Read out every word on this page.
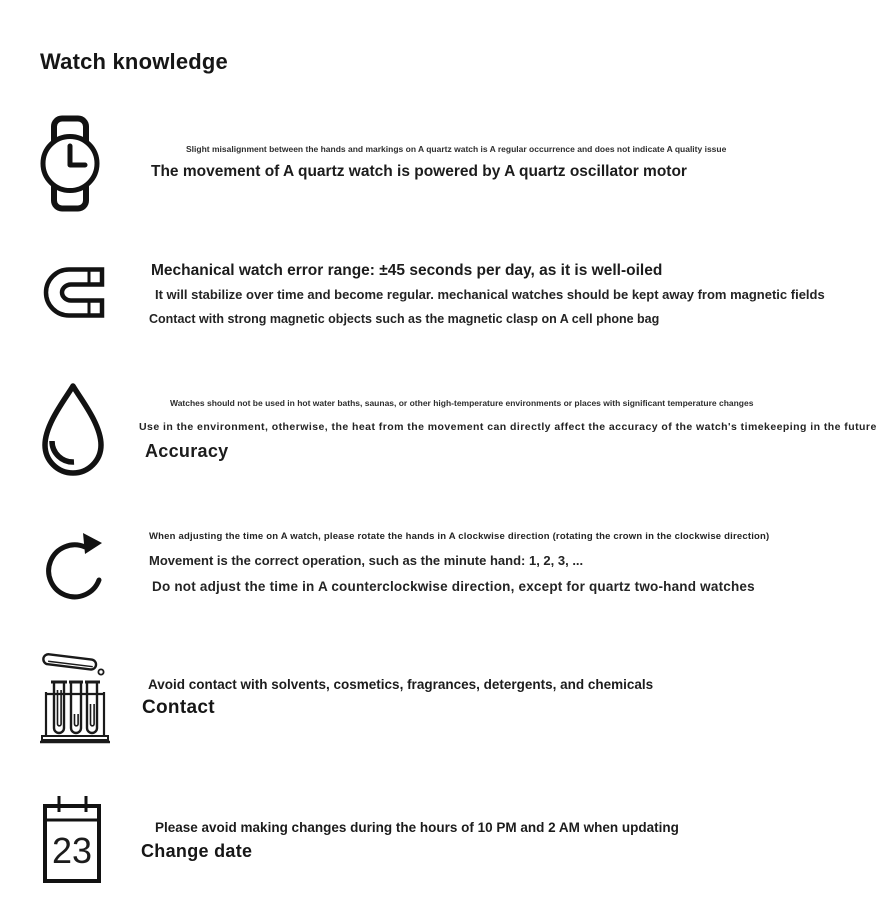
Watch knowledge
Slight misalignment between the hands and markings on A quartz watch is A regular occurrence and does not indicate A quality issue
The movement of A quartz watch is powered by A quartz oscillator motor
Mechanical watch error range: ±45 seconds per day, as it is well-oiled
It will stabilize over time and become regular. mechanical watches should be kept away from magnetic fields
Contact with strong magnetic objects such as the magnetic clasp on A cell phone bag
Watches should not be used in hot water baths, saunas, or other high-temperature environments or places with significant temperature changes
Use in the environment, otherwise, the heat from the movement can directly affect the accuracy of the watch's timekeeping in the future
Accuracy
When adjusting the time on A watch, please rotate the hands in A clockwise direction (rotating the crown in the clockwise direction)
Movement is the correct operation, such as the minute hand: 1, 2, 3, ...
Do not adjust the time in A counterclockwise direction, except for quartz two-hand watches
Avoid contact with solvents, cosmetics, fragrances, detergents, and chemicals
Contact
23
Please avoid making changes during the hours of 10 PM and 2 AM when updating
Change date
